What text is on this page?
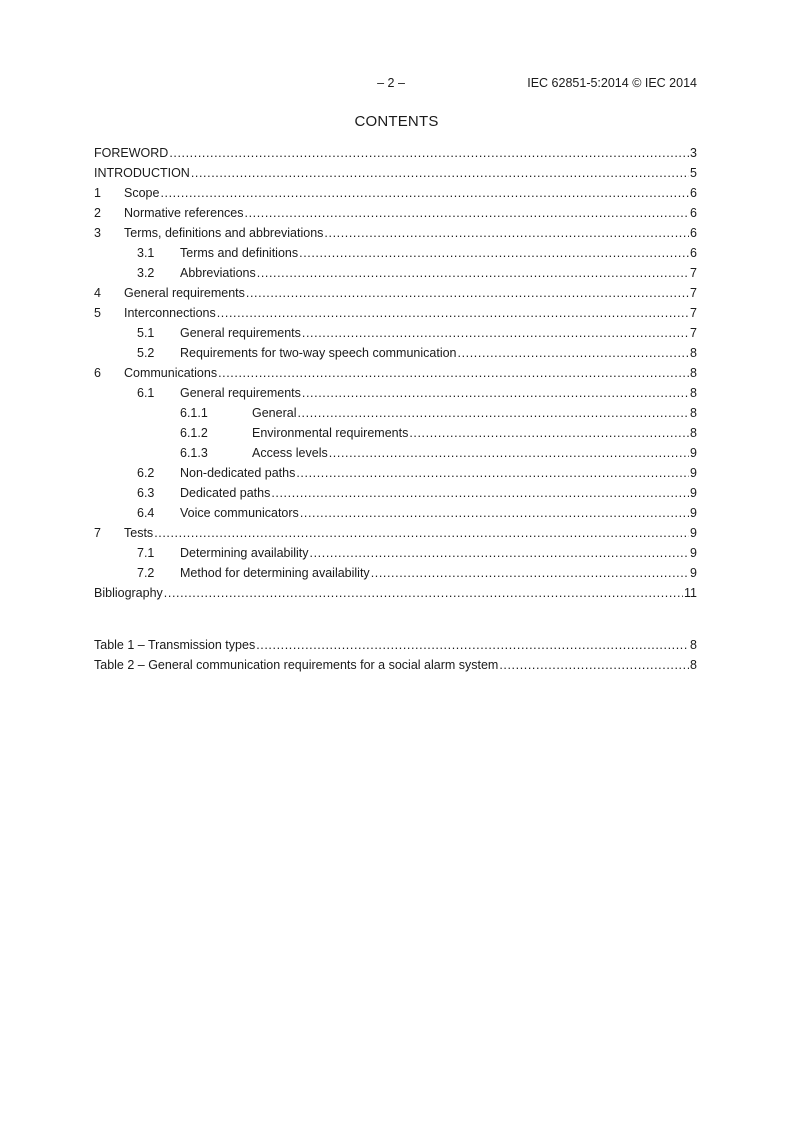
– 2 –	IEC 62851-5:2014 © IEC 2014
CONTENTS
FOREWORD .....	3
INTRODUCTION .....	5
1	Scope .....	6
2	Normative references .....	6
3	Terms, definitions and abbreviations .....	6
3.1	Terms and definitions .....	6
3.2	Abbreviations .....	7
4	General requirements .....	7
5	Interconnections .....	7
5.1	General requirements .....	7
5.2	Requirements for two-way speech communication .....	8
6	Communications .....	8
6.1	General requirements .....	8
6.1.1	General .....	8
6.1.2	Environmental requirements .....	8
6.1.3	Access levels .....	9
6.2	Non-dedicated paths .....	9
6.3	Dedicated paths .....	9
6.4	Voice communicators .....	9
7	Tests .....	9
7.1	Determining availability .....	9
7.2	Method for determining availability .....	9
Bibliography .....	11
Table 1 – Transmission types .....	8
Table 2 – General communication requirements for a social alarm system .....	8
